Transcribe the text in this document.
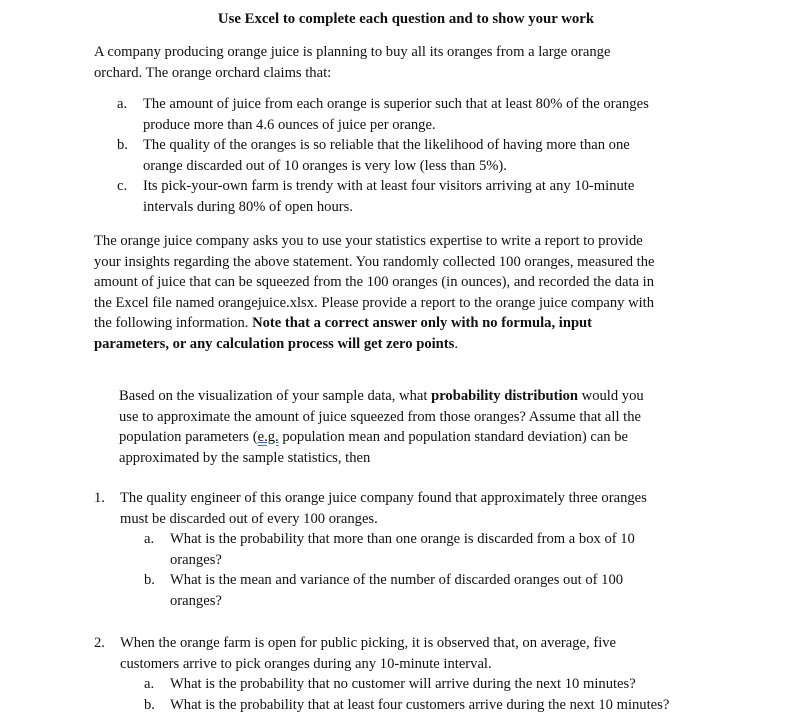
Use Excel to complete each question and to show your work
A company producing orange juice is planning to buy all its oranges from a large orange
orchard. The orange orchard claims that:
a.	The amount of juice from each orange is superior such that at least 80% of the oranges
produce more than 4.6 ounces of juice per orange.
b.	The quality of the oranges is so reliable that the likelihood of having more than one
orange discarded out of 10 oranges is very low (less than 5%).
c.	Its pick-your-own farm is trendy with at least four visitors arriving at any 10-minute
intervals during 80% of open hours.
The orange juice company asks you to use your statistics expertise to write a report to provide
your insights regarding the above statement. You randomly collected 100 oranges, measured the
amount of juice that can be squeezed from the 100 oranges (in ounces), and recorded the data in
the Excel file named orangejuice.xlsx. Please provide a report to the orange juice company with
the following information. Note that a correct answer only with no formula, input
parameters, or any calculation process will get zero points.
Based on the visualization of your sample data, what probability distribution would you
use to approximate the amount of juice squeezed from those oranges? Assume that all the
population parameters (e.g. population mean and population standard deviation) can be
approximated by the sample statistics, then
1.	The quality engineer of this orange juice company found that approximately three oranges
must be discarded out of every 100 oranges.
a.	What is the probability that more than one orange is discarded from a box of 10
oranges?
b.	What is the mean and variance of the number of discarded oranges out of 100
oranges?
2.	When the orange farm is open for public picking, it is observed that, on average, five
customers arrive to pick oranges during any 10-minute interval.
a.	What is the probability that no customer will arrive during the next 10 minutes?
b.	What is the probability that at least four customers arrive during the next 10 minutes?
